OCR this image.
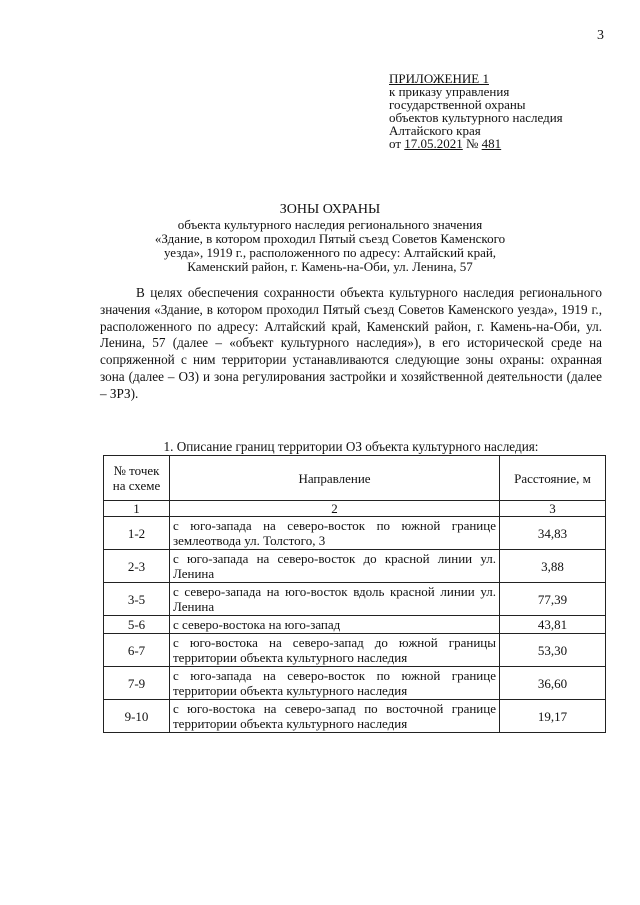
3
ПРИЛОЖЕНИЕ 1
к приказу управления
государственной охраны
объектов культурного наследия
Алтайского края
от 17.05.2021 № 481
ЗОНЫ ОХРАНЫ
объекта культурного наследия регионального значения
«Здание, в котором проходил Пятый съезд Советов Каменского
уезда», 1919 г., расположенного по адресу: Алтайский край,
Каменский район, г. Камень-на-Оби, ул. Ленина, 57

В целях обеспечения сохранности объекта культурного наследия регионального значения «Здание, в котором проходил Пятый съезд Советов Каменского уезда», 1919 г., расположенного по адресу: Алтайский край, Каменский район, г. Камень-на-Оби, ул. Ленина, 57 (далее – «объект культурного наследия»), в его исторической среде на сопряженной с ним территории устанавливаются следующие зоны охраны: охранная зона (далее – ОЗ) и зона регулирования застройки и хозяйственной деятельности (далее – ЗРЗ).

1. Описание границ территории ОЗ объекта культурного наследия:
№ точек на схеме	Направление	Расстояние, м
1	2	3
1-2	с юго-запада на северо-восток по южной границе землеотвода ул. Толстого, 3	34,83
2-3	с юго-запада на северо-восток до красной линии ул. Ленина	3,88
3-5	с северо-запада на юго-восток вдоль красной линии ул. Ленина	77,39
5-6	с северо-востока на юго-запад	43,81
6-7	с юго-востока на северо-запад до южной границы территории объекта культурного наследия	53,30
7-9	с юго-запада на северо-восток по южной границе территории объекта культурного наследия	36,60
9-10	с юго-востока на северо-запад по восточной границе территории объекта культурного наследия	19,17
